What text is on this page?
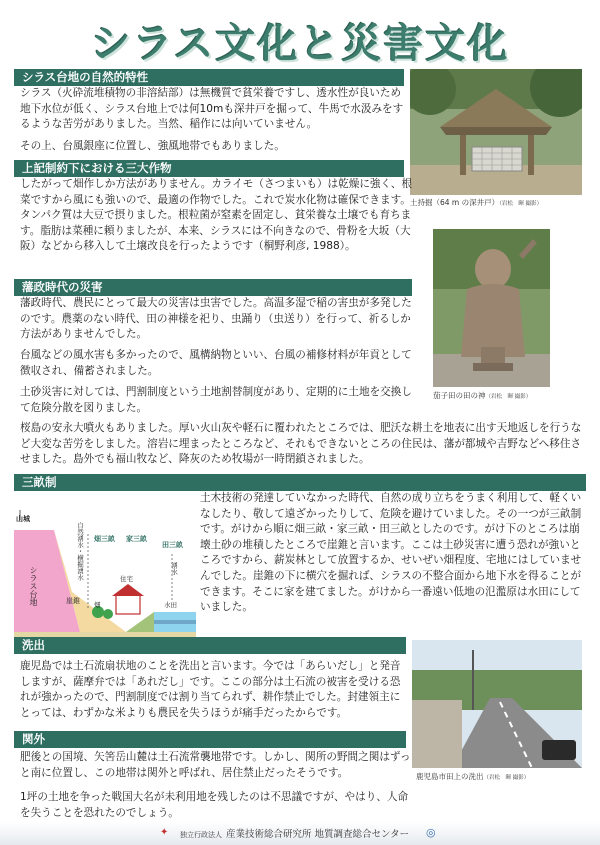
シラス文化と災害文化
シラス台地の自然的特性

シラス（火砕流堆積物の非溶結部）は無機質で貧栄養ですし、透水性が良いため地下水位が低く、シラス台地上では何10mも深井戸を掘って、牛馬で水汲みをするような苦労がありました。当然、稲作には向いていません。

その上、台風銀座に位置し、強風地帯でもありました。

土持掘（64 m の深井戸）（岩松　暉 撮影）
上記制約下における三大作物

したがって畑作しか方法がありません。カライモ（さつまいも）は乾燥に強く、根菜ですから風にも強いので、最適の作物でした。これで炭水化物は確保できます。タンパク質は大豆で摂りました。根粒菌が窒素を固定し、貧栄養な土壌でも育ちます。脂肪は菜種に頼りましたが、本来、シラスには不向きなので、骨粉を大坂（大阪）などから移入して土壌改良を行ったようです（桐野利彦, 1988）。

茄子田の田の神（岩松　暉 撮影）
藩政時代の災害

藩政時代、農民にとって最大の災害は虫害でした。高温多湿で稲の害虫が多発したのです。農薬のない時代、田の神様を祀り、虫踊り（虫送り）を行って、祈るしか方法がありませんでした。

台風などの風水害も多かったので、風構納物といい、台風の補修材料が年貢として徴収され、備蓄されました。

土砂災害に対しては、門割制度という土地割替制度があり、定期的に土地を交換して危険分散を図りました。

桜島の安永大噴火もありました。厚い火山灰や軽石に覆われたところでは、肥沃な耕土を地表に出す天地返しを行うなど大変な苦労をしました。溶岩に埋まったところなど、それもできないところの住民は、藩が都城や吉野などへ移住させました。島外でも福山牧など、降灰のため牧場が一時閉鎖されました。

三畝制

土木技術の発達していなかった時代、自然の成り立ちをうまく利用して、軽くいなしたり、敬して遠ざかったりして、危険を避けていました。その一つが三畝制です。がけから順に畑三畝・家三畝・田三畝としたのです。がけ下のところは崩壊土砂の堆積したところで崖錐と言います。ここは土砂災害に遭う恐れが強いところですから、薪炭林として放置するか、せいぜい畑程度、宅地にはしていませんでした。崖錐の下に横穴を掘れば、シラスの不整合面から地下水を得ることができます。そこに家を建てました。がけから一番遠い低地の氾濫原は水田にしていました。

山城
シラス台地	崖錐
自然湧水・横掘湧水 畑三畝 家三畝
田三畝
住宅
湧水
畑	水田
洗出

鹿児島では土石流扇状地のことを洗出と言います。今では「あらいだし」と発音しますが、薩摩弁では「あれだし」です。ここの部分は土石流の被害を受ける恐れが強かったので、門割制度では割り当てられず、耕作禁止でした。封建領主にとっては、わずかな米よりも農民を失うほうが痛手だったからです。

鹿児島市田上の洗出（岩松　暉 撮影）
関外

肥後との国境、矢筈岳山麓は土石流常襲地帯です。しかし、関所の野間之関はずっと南に位置し、この地帯は関外と呼ばれ、居住禁止だったそうです。

1坪の土地を争った戦国大名が未利用地を残したのは不思議ですが、やはり、人命を失うことを恐れたのでしょう。

✦ 独立行政法人 産業技術総合研究所 地質調査総合センター ◎
